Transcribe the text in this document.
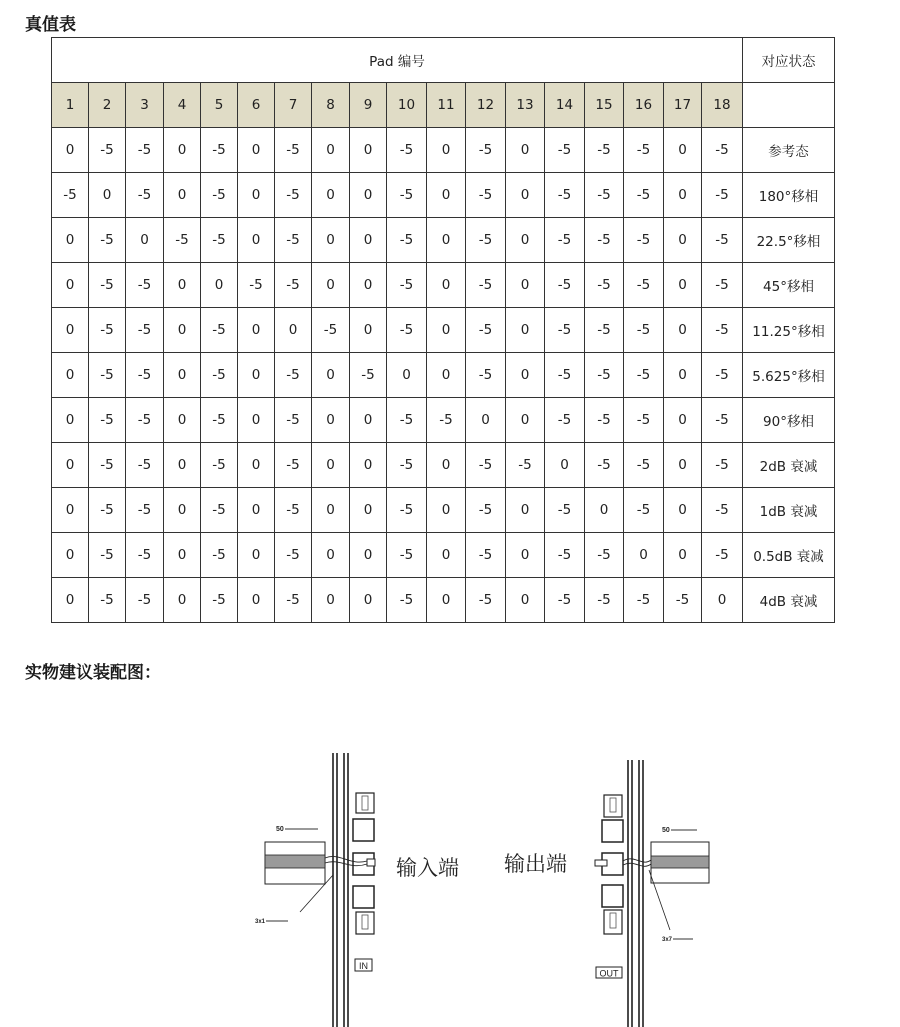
真值表
Pad 编号																		对应状态
1	2	3	4	5	6	7	8	9	10	11	12	13	14	15	16	17	18	
0	-5	-5	0	-5	0	-5	0	0	-5	0	-5	0	-5	-5	-5	0	-5	参考态
-5	0	-5	0	-5	0	-5	0	0	-5	0	-5	0	-5	-5	-5	0	-5	180°移相
0	-5	0	-5	-5	0	-5	0	0	-5	0	-5	0	-5	-5	-5	0	-5	22.5°移相
0	-5	-5	0	0	-5	-5	0	0	-5	0	-5	0	-5	-5	-5	0	-5	45°移相
0	-5	-5	0	-5	0	0	-5	0	-5	0	-5	0	-5	-5	-5	0	-5	11.25°移相
0	-5	-5	0	-5	0	-5	0	-5	0	0	-5	0	-5	-5	-5	0	-5	5.625°移相
0	-5	-5	0	-5	0	-5	0	0	-5	-5	0	0	-5	-5	-5	0	-5	90°移相
0	-5	-5	0	-5	0	-5	0	0	-5	0	-5	-5	0	-5	-5	0	-5	2dB 衰减
0	-5	-5	0	-5	0	-5	0	0	-5	0	-5	0	-5	0	-5	0	-5	1dB 衰减
0	-5	-5	0	-5	0	-5	0	0	-5	0	-5	0	-5	-5	0	0	-5	0.5dB 衰减
0	-5	-5	0	-5	0	-5	0	0	-5	0	-5	0	-5	-5	-5	-5	0	4dB 衰减
实物建议装配图：
50
3x1
IN
输入端
50
3x7
OUT
输出端
